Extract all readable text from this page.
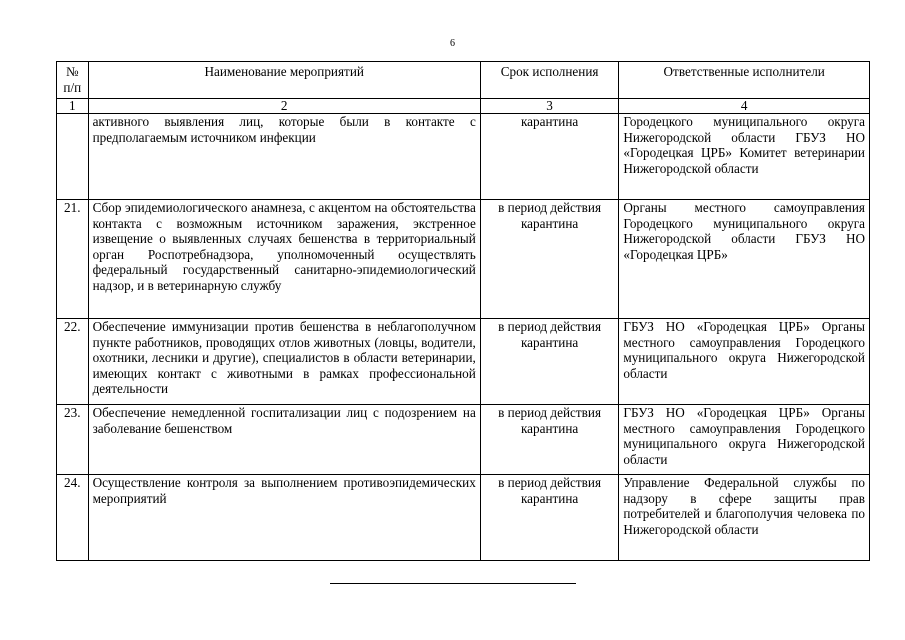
6
№ п/п	Наименование мероприятий	Срок исполнения	Ответственные исполнители
1	2	3	4
	активного выявления лиц, которые были в контакте с предполагаемым источником инфекции	карантина	Городецкого муниципального округа Нижегородской области ГБУЗ НО «Городецкая ЦРБ» Комитет ветеринарии Нижегородской области
21.	Сбор эпидемиологического анамнеза, с акцентом на обстоятельства контакта с возможным источником заражения, экстренное извещение о выявленных случаях бешенства в территориальный орган Роспотребнадзора, уполномоченный осуществлять федеральный государственный санитарно-эпидемиологический надзор, и в ветеринарную службу	в период действия карантина	Органы местного самоуправления Городецкого муниципального округа Нижегородской области ГБУЗ НО «Городецкая ЦРБ»
22.	Обеспечение иммунизации против бешенства в неблагополучном пункте работников, проводящих отлов животных (ловцы, водители, охотники, лесники и другие), специалистов в области ветеринарии, имеющих контакт с животными в рамках профессиональной деятельности	в период действия карантина	ГБУЗ НО «Городецкая ЦРБ» Органы местного самоуправления Городецкого муниципального округа Нижегородской области
23.	Обеспечение немедленной госпитализации лиц с подозрением на заболевание бешенством	в период действия карантина	ГБУЗ НО «Городецкая ЦРБ» Органы местного самоуправления Городецкого муниципального округа Нижегородской области
24.	Осуществление контроля за выполнением противоэпидемических мероприятий	в период действия карантина	Управление Федеральной службы по надзору в сфере защиты прав потребителей и благополучия человека по Нижегородской области
